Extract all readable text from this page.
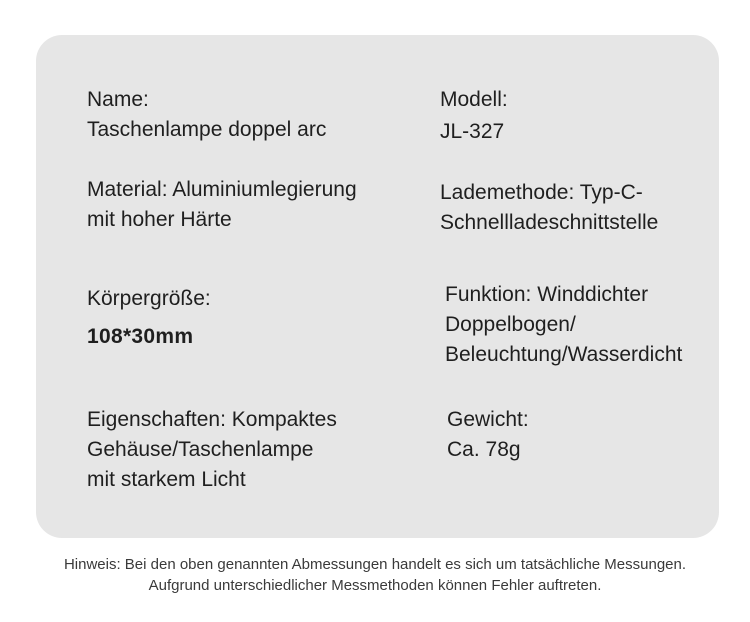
Name:
Taschenlampe doppel arc
Modell:
JL-327
Material: Aluminiumlegierung
mit hoher Härte
Lademethode: Typ-C-
Schnellladeschnittstelle
Körpergröße:
108*30mm
Funktion: Winddichter
Doppelbogen/
Beleuchtung/Wasserdicht
Eigenschaften: Kompaktes
Gehäuse/Taschenlampe
mit starkem Licht
Gewicht:
Ca. 78g
Hinweis: Bei den oben genannten Abmessungen handelt es sich um tatsächliche Messungen.
Aufgrund unterschiedlicher Messmethoden können Fehler auftreten.
